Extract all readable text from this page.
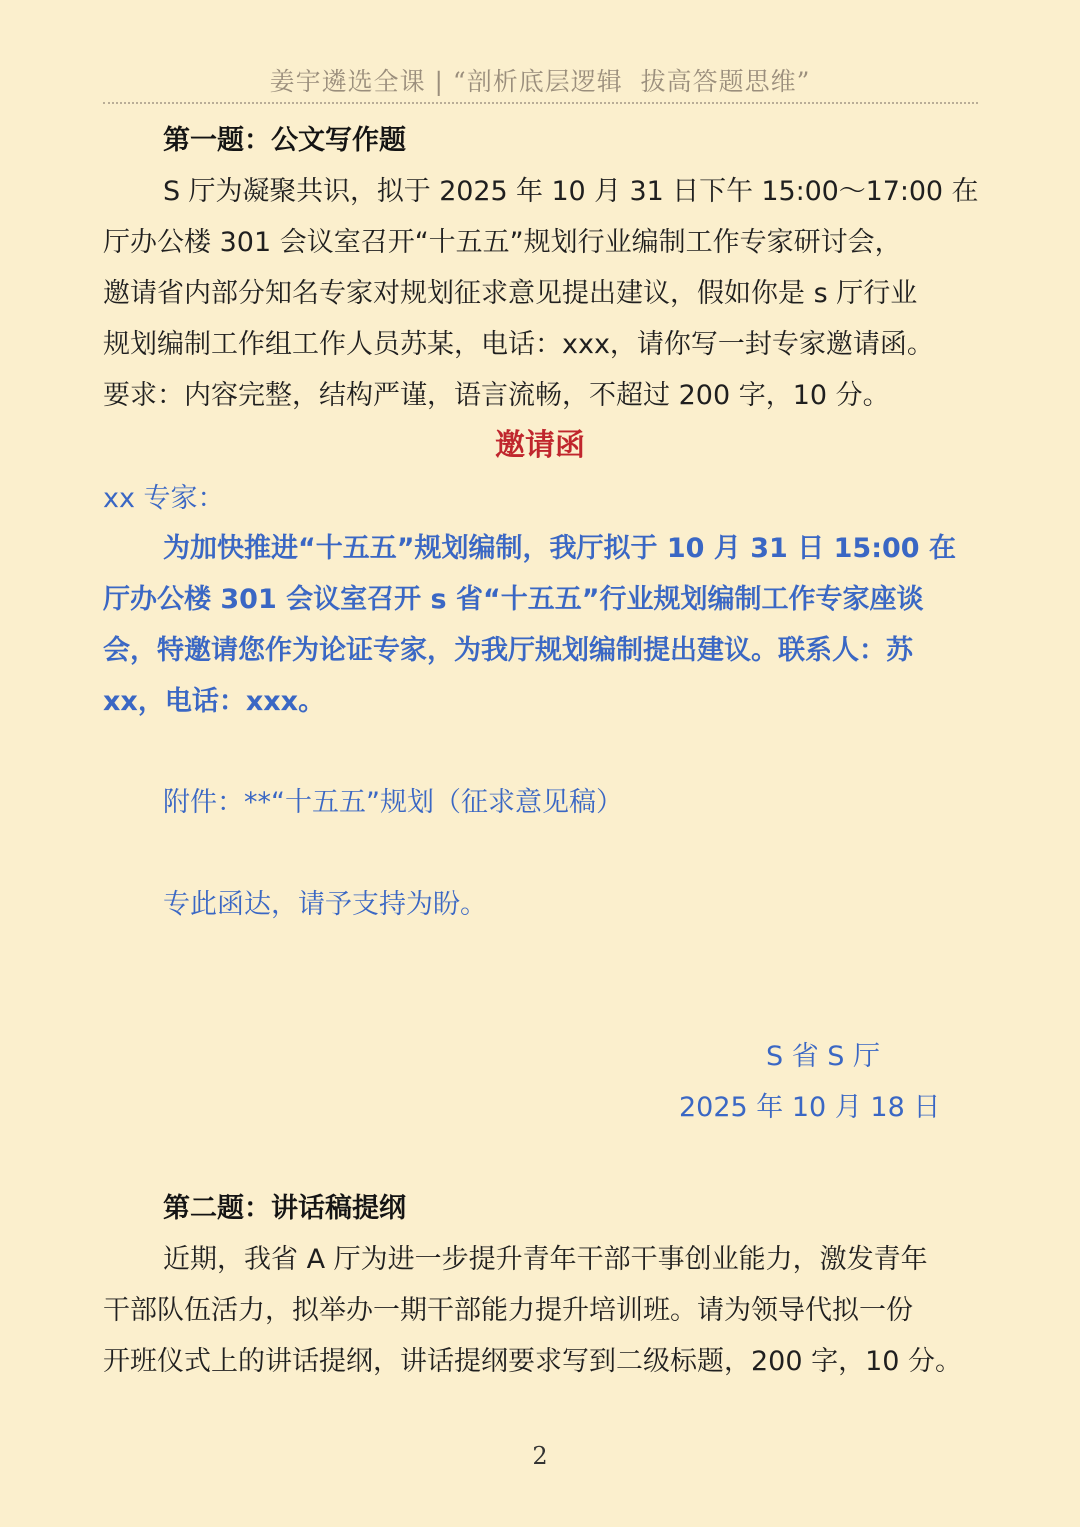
姜宇遴选全课 | “剖析底层逻辑  拔高答题思维”
第一题：公文写作题
S 厅为凝聚共识，拟于 2025 年 10 月 31 日下午 15:00～17:00 在
厅办公楼 301 会议室召开“十五五”规划行业编制工作专家研讨会，
邀请省内部分知名专家对规划征求意见提出建议，假如你是 s 厅行业
规划编制工作组工作人员苏某，电话：xxx，请你写一封专家邀请函。
要求：内容完整，结构严谨，语言流畅，不超过 200 字，10 分。
邀请函
xx 专家：
为加快推进“十五五”规划编制，我厅拟于 10 月 31 日 15:00 在
厅办公楼 301 会议室召开 s 省“十五五”行业规划编制工作专家座谈
会，特邀请您作为论证专家，为我厅规划编制提出建议。联系人：苏
xx，电话：xxx。
附件：**“十五五”规划（征求意见稿）
专此函达，请予支持为盼。
S 省 S 厅
2025 年 10 月 18 日
第二题：讲话稿提纲
近期，我省 A 厅为进一步提升青年干部干事创业能力，激发青年
干部队伍活力，拟举办一期干部能力提升培训班。请为领导代拟一份
开班仪式上的讲话提纲，讲话提纲要求写到二级标题，200 字，10 分。
2
